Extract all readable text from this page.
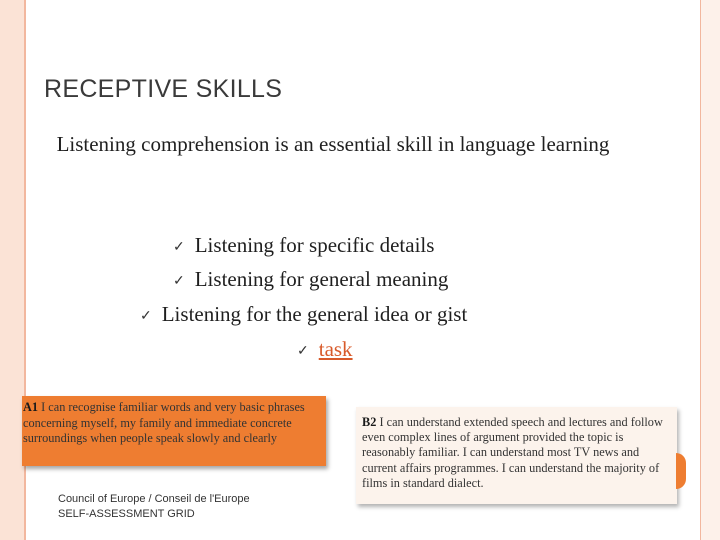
RECEPTIVE SKILLS
Listening comprehension is an essential skill in language learning
✓ Listening for specific details
✓ Listening for general meaning
✓ Listening for the general idea or gist
✓ task
A1 I can recognise familiar words and very basic phrases concerning myself, my family and immediate concrete surroundings when people speak slowly and clearly
Council of Europe / Conseil de l'Europe
SELF-ASSESSMENT GRID
B2 I can understand extended speech and lectures and follow even complex lines of argument provided the topic is reasonably familiar. I can understand most TV news and current affairs programmes. I can understand the majority of films in standard dialect.
